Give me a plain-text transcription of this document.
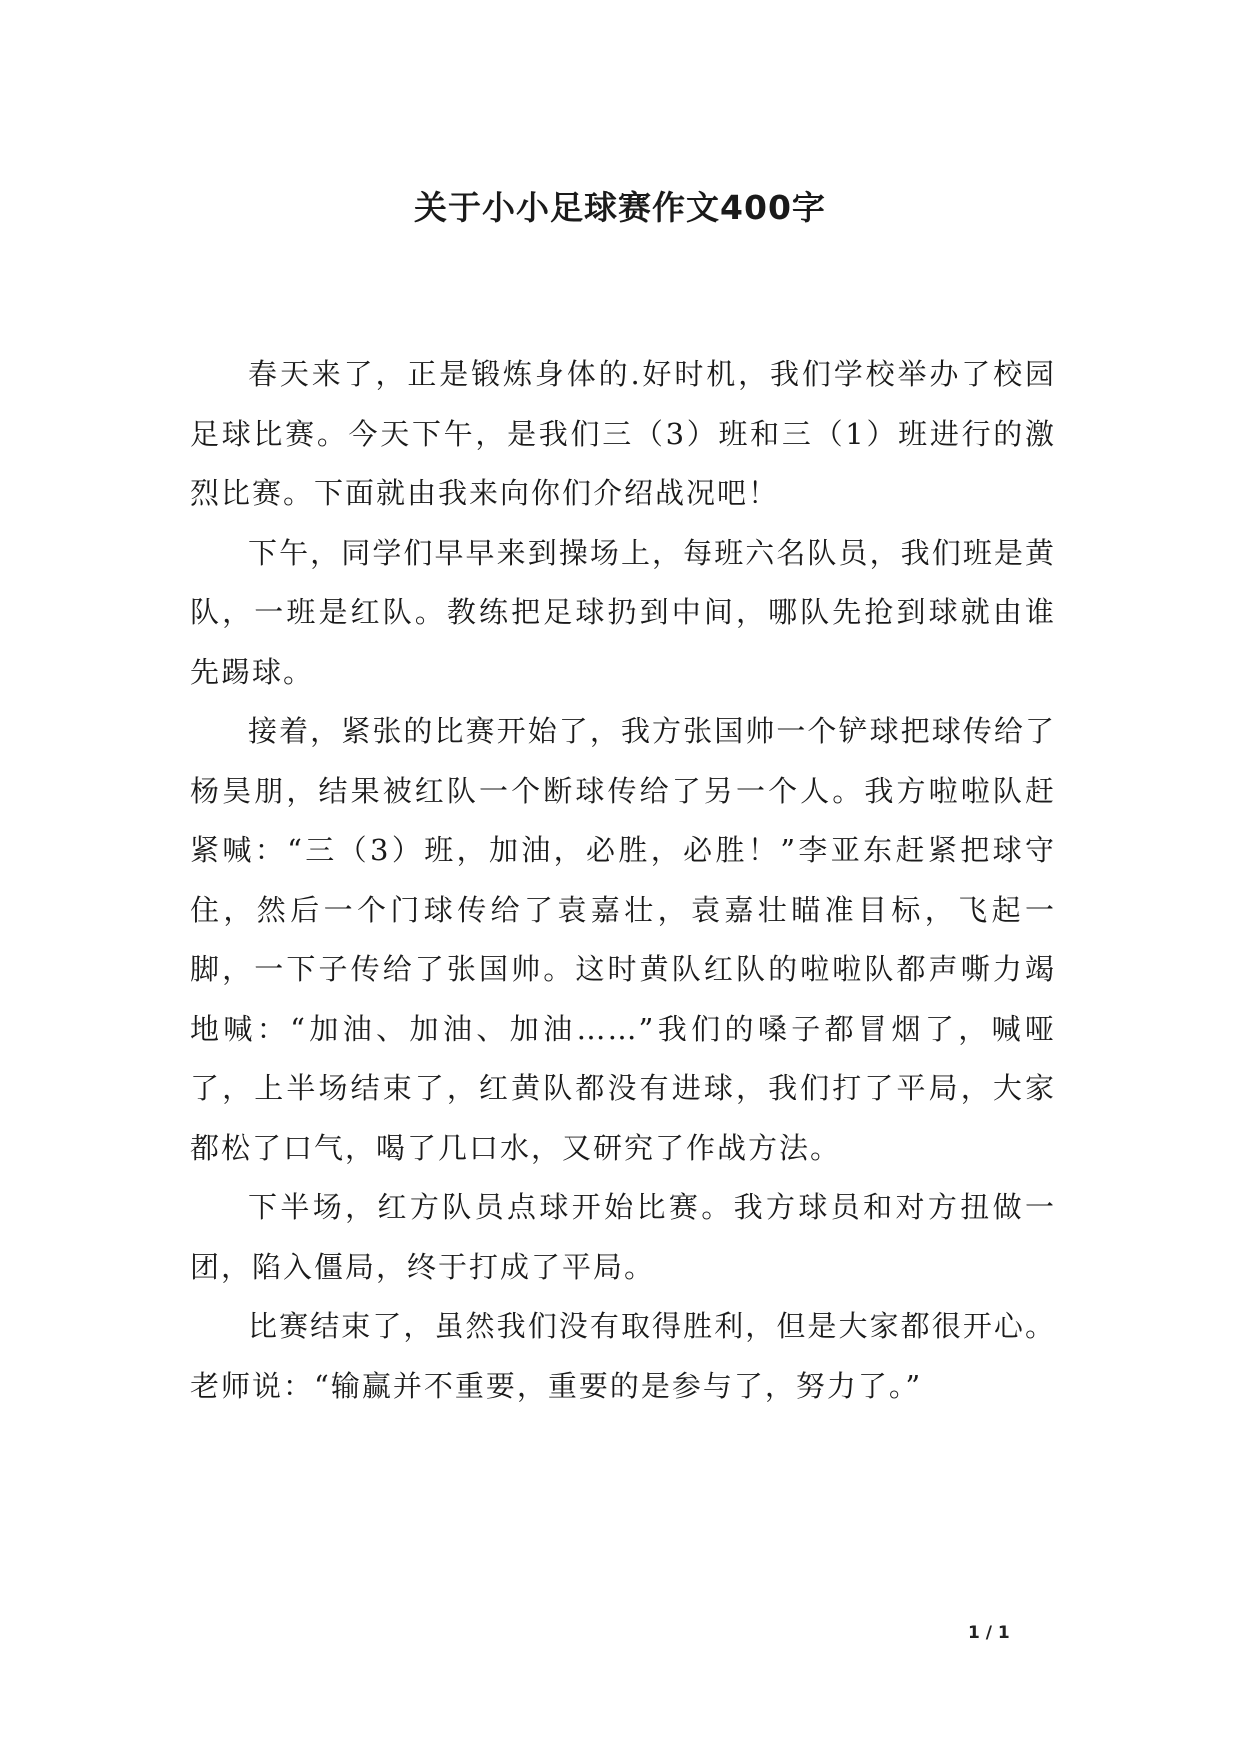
关于小小足球赛作文400字

春天来了，正是锻炼身体的.好时机，我们学校举办了校园足球比赛。今天下午，是我们三（3）班和三（1）班进行的激烈比赛。下面就由我来向你们介绍战况吧！

下午，同学们早早来到操场上，每班六名队员，我们班是黄队，一班是红队。教练把足球扔到中间，哪队先抢到球就由谁先踢球。

接着，紧张的比赛开始了，我方张国帅一个铲球把球传给了杨昊朋，结果被红队一个断球传给了另一个人。我方啦啦队赶紧喊：“三（3）班，加油，必胜，必胜！”李亚东赶紧把球守住，然后一个门球传给了袁嘉壮，袁嘉壮瞄准目标，飞起一脚，一下子传给了张国帅。这时黄队红队的啦啦队都声嘶力竭地喊：“加油、加油、加油……”我们的嗓子都冒烟了，喊哑了，上半场结束了，红黄队都没有进球，我们打了平局，大家都松了口气，喝了几口水，又研究了作战方法。

下半场，红方队员点球开始比赛。我方球员和对方扭做一团，陷入僵局，终于打成了平局。

比赛结束了，虽然我们没有取得胜利，但是大家都很开心。老师说：“输赢并不重要，重要的是参与了，努力了。”

1 / 1
